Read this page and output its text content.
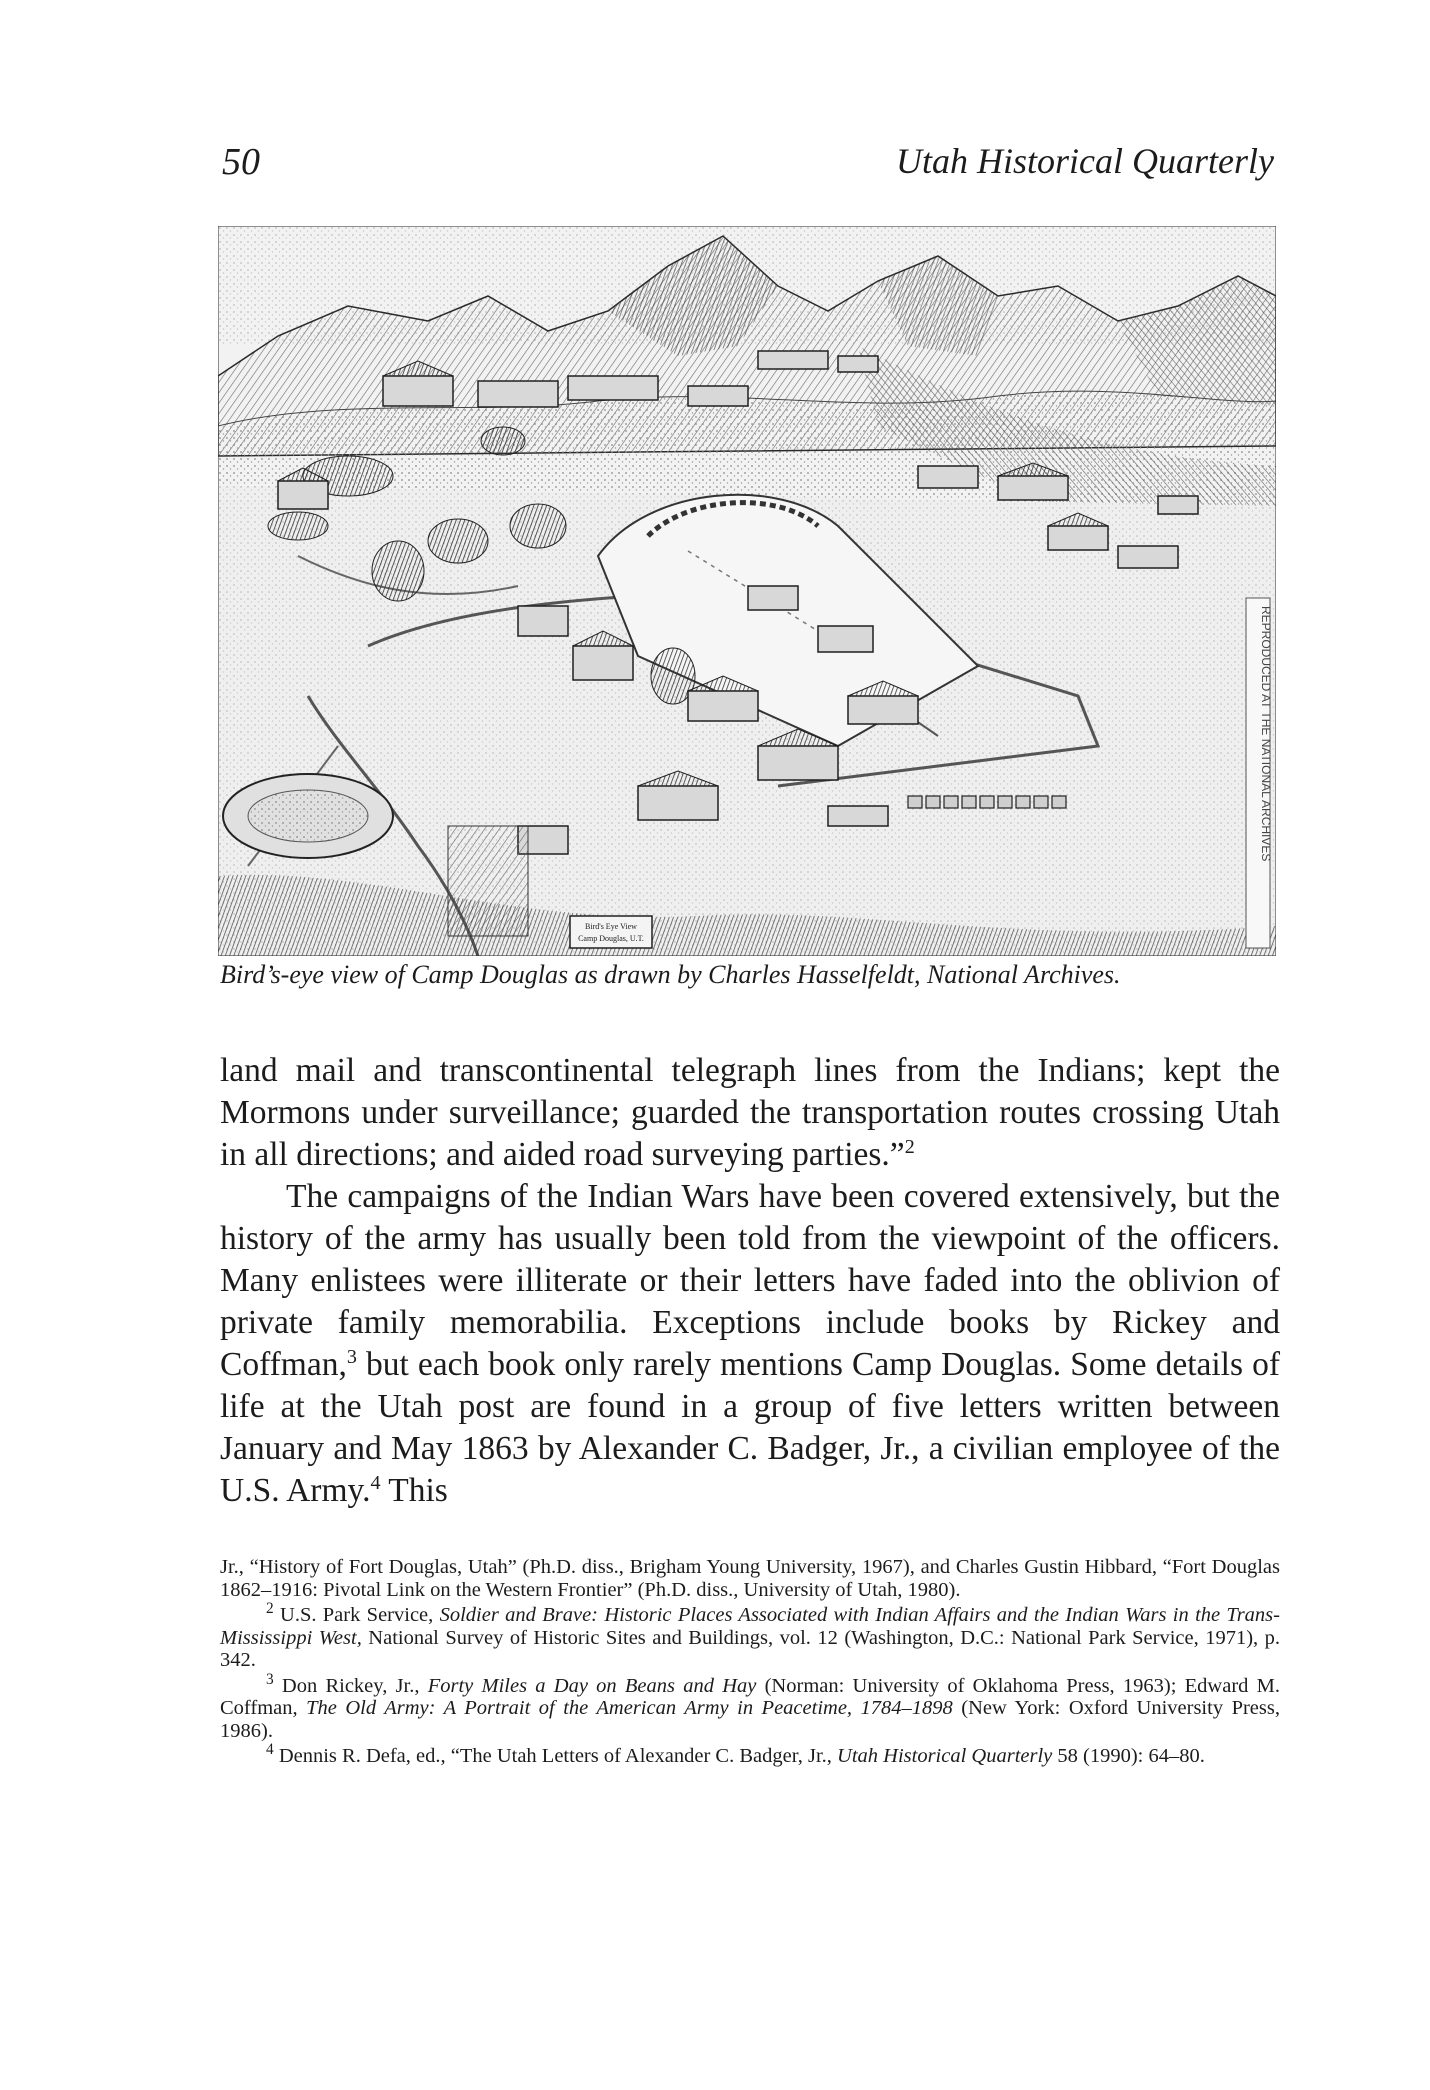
50	Utah Historical Quarterly
Bird's Eye View
Camp Douglas, U.T.
REPRODUCED AT THE NATIONAL ARCHIVES
Bird’s-eye view of Camp Douglas as drawn by Charles Hasselfeldt, National Archives.

land mail and transcontinental telegraph lines from the Indians; kept the Mormons under surveillance; guarded the transportation routes crossing Utah in all directions; and aided road surveying parties.”$^2$

The campaigns of the Indian Wars have been covered extensively, but the history of the army has usually been told from the viewpoint of the officers. Many enlistees were illiterate or their letters have faded into the oblivion of private family memorabilia. Exceptions include books by Rickey and Coffman,$^3$ but each book only rarely mentions Camp Douglas. Some details of life at the Utah post are found in a group of five letters written between January and May 1863 by Alexander C. Badger, Jr., a civilian employee of the U.S. Army.$^4$ This

Jr., “History of Fort Douglas, Utah” (Ph.D. diss., Brigham Young University, 1967), and Charles Gustin Hibbard, “Fort Douglas 1862–1916: Pivotal Link on the Western Frontier” (Ph.D. diss., University of Utah, 1980).

$^2$ U.S. Park Service, Soldier and Brave: Historic Places Associated with Indian Affairs and the Indian Wars in the Trans-Mississippi West, National Survey of Historic Sites and Buildings, vol. 12 (Washington, D.C.: National Park Service, 1971), p. 342.

$^3$ Don Rickey, Jr., Forty Miles a Day on Beans and Hay (Norman: University of Oklahoma Press, 1963); Edward M. Coffman, The Old Army: A Portrait of the American Army in Peacetime, 1784–1898 (New York: Oxford University Press, 1986).

$^4$ Dennis R. Defa, ed., “The Utah Letters of Alexander C. Badger, Jr., Utah Historical Quarterly 58 (1990): 64–80.
